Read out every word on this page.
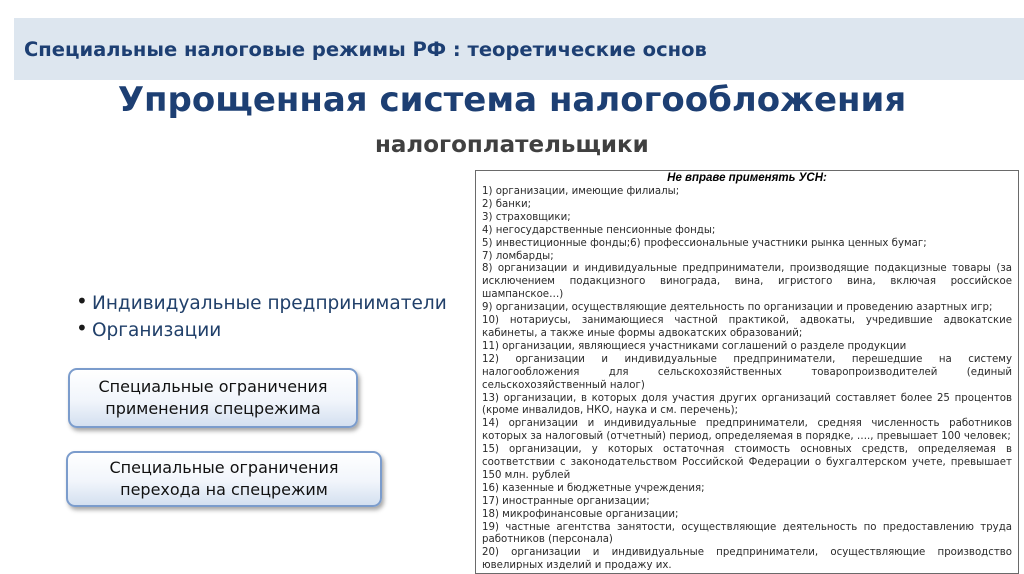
Специальные налоговые режимы РФ : теоретические основ
Упрощенная система налогообложения
налогоплательщики
• Индивидуальные предприниматели
• Организации
Специальные ограничения
применения спецрежима
Специальные ограничения
перехода на спецрежим
Не вправе применять УСН:
1) организации, имеющие филиалы;
2) банки;
3) страховщики;
4) негосударственные пенсионные фонды;
5) инвестиционные фонды;6) профессиональные участники рынка ценных бумаг;
7) ломбарды;
8) организации и индивидуальные предприниматели, производящие подакцизные товары (за исключением подакцизного винограда, вина, игристого вина, включая российское шампанское…)
9) организации, осуществляющие деятельность по организации и проведению азартных игр;
10) нотариусы, занимающиеся частной практикой, адвокаты, учредившие адвокатские кабинеты, а также иные формы адвокатских образований;
11) организации, являющиеся участниками соглашений о разделе продукции
12) организации и индивидуальные предприниматели, перешедшие на систему налогообложения для сельскохозяйственных товаропроизводителей (единый сельскохозяйственный налог)
13) организации, в которых доля участия других организаций составляет более 25 процентов (кроме инвалидов, НКО, наука и см. перечень);
14) организации и индивидуальные предприниматели, средняя численность работников которых за налоговый (отчетный) период, определяемая в порядке, …., превышает 100 человек;
15) организации, у которых остаточная стоимость основных средств, определяемая в соответствии с законодательством Российской Федерации о бухгалтерском учете, превышает 150 млн. рублей
16) казенные и бюджетные учреждения;
17) иностранные организации;
18) микрофинансовые организации;
19) частные агентства занятости, осуществляющие деятельность по предоставлению труда работников (персонала)
20) организации и индивидуальные предприниматели, осуществляющие производство ювелирных изделий и продажу их.
